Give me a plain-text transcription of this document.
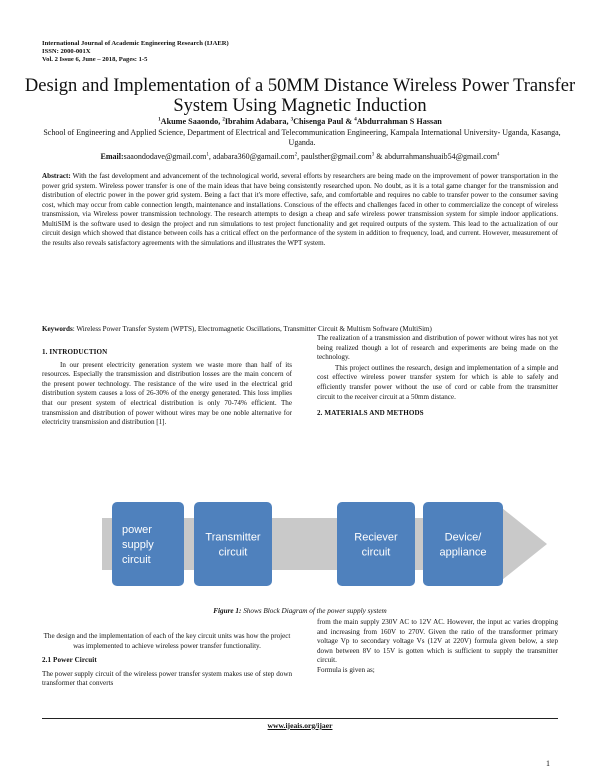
International Journal of Academic Engineering Research (IJAER)
ISSN: 2000-001X
Vol. 2 Issue 6, June – 2018, Pages: 1-5
Design and Implementation of a 50MM Distance Wireless Power Transfer System Using Magnetic Induction
$^1$Akume Saaondo, $^2$Ibrahim Adabara, $^3$Chisenga Paul & $^4$Abdurrahman S Hassan
School of Engineering and Applied Science, Department of Electrical and Telecommunication Engineering, Kampala International University- Uganda, Kasanga, Uganda.
Email:saaondodave@gmail.com$^1$, adabara360@gamail.com$^2$, paulsther@gmail.com$^3$ & abdurrahmanshuaib54@gmail.com$^4$
Abstract: With the fast development and advancement of the technological world, several efforts by researchers are being made on the improvement of power transportation in the power grid system. Wireless power transfer is one of the main ideas that have being consistently researched upon. No doubt, as it is a total game changer for the transmission and distribution of electric power in the power grid system. Being a fact that it's more effective, safe, and comfortable and requires no cable to transfer power to the consumer saving cost, which may occur from cable connection length, maintenance and installations. Conscious of the effects and challenges faced in other to commercialize the concept of wireless transmission, via Wireless power transmission technology. The research attempts to design a cheap and safe wireless power transmission system for simple indoor applications. MultiSIM is the software used to design the project and run simulations to test project functionality and get required outputs of the system. This lead to the actualization of our circuit design which showed that distance between coils has a critical effect on the performance of the system in addition to frequency, load, and current. However, measurement of the results also reveals satisfactory agreements with the simulations and illustrates the WPT system.
Keywords: Wireless Power Transfer System (WPTS), Electromagnetic Oscillations, Transmitter Circuit & Multism Software (MultiSim)
1. INTRODUCTION

In our present electricity generation system we waste more than half of its resources. Especially the transmission and distribution losses are the main concern of the present power technology. The resistance of the wire used in the electrical grid distribution system causes a loss of 26-30% of the energy generated. This loss implies that our present system of electrical distribution is only 70-74% efficient. The transmission and distribution of power without wires may be one noble alternative for electricity transmission and distribution [1].

The realization of a transmission and distribution of power without wires has not yet being realized though a lot of research and experiments are being made on the technology.

This project outlines the research, design and implementation of a simple and cost effective wireless power transfer system for which is able to safely and efficiently transfer power without the use of cord or cable from the transmitter circuit to the receiver circuit at a 50mm distance.

2. MATERIALS AND METHODS
power
supply
circuit
Transmitter
circuit
Reciever
circuit
Device/
appliance
Figure 1: Shows Block Diagram of the power supply system

The design and the implementation of each of the key circuit units was how the project was implemented to achieve wireless power transfer functionality.

2.1 Power Circuit

The power supply circuit of the wireless power transfer system makes use of step down transformer that converts

from the main supply 230V AC to 12V AC. However, the input ac varies dropping and increasing from 160V to 270V. Given the ratio of the transformer primary voltage Vp to secondary voltage Vs (12V at 220V) formula given below, a step down between 8V to 15V is gotten which is sufficient to supply the transmitter circuit.

Formula is given as;

www.ijeais.org/ijaer
1
